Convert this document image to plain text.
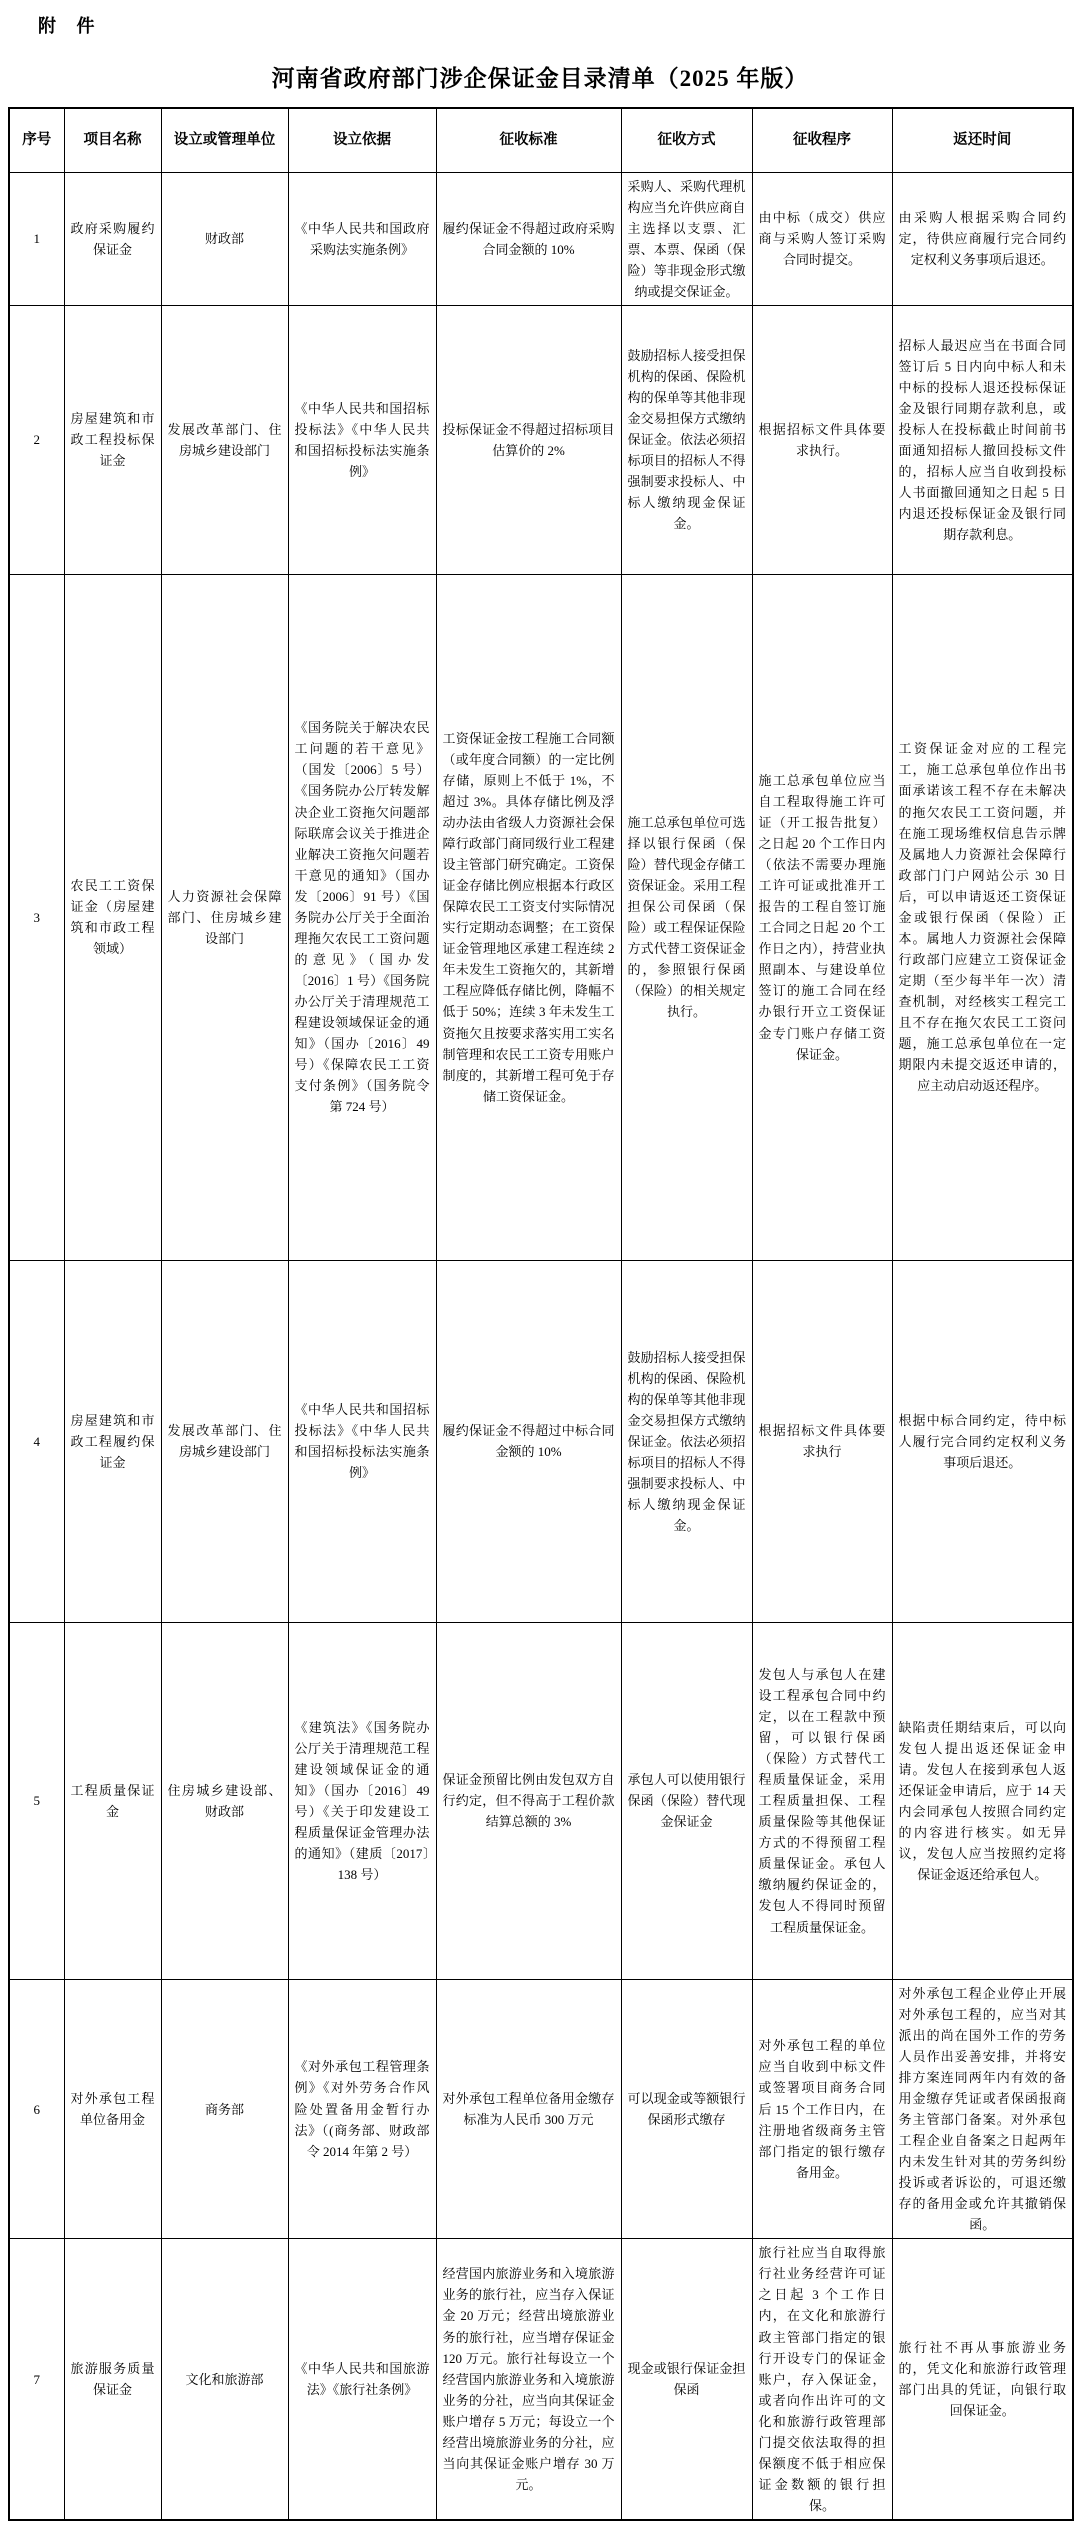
附 件
河南省政府部门涉企保证金目录清单（2025 年版）
序号	项目名称	设立或管理单位	设立依据	征收标准	征收方式	征收程序	返还时间
1	政府采购履约保证金	财政部	《中华人民共和国政府采购法实施条例》	履约保证金不得超过政府采购合同金额的 10%	采购人、采购代理机构应当允许供应商自主选择以支票、汇票、本票、保函（保险）等非现金形式缴纳或提交保证金。	由中标（成交）供应商与采购人签订采购合同时提交。	由采购人根据采购合同约定，待供应商履行完合同约定权利义务事项后退还。
2	房屋建筑和市政工程投标保证金	发展改革部门、住房城乡建设部门	《中华人民共和国招标投标法》《中华人民共和国招标投标法实施条例》	投标保证金不得超过招标项目估算价的 2%	鼓励招标人接受担保机构的保函、保险机构的保单等其他非现金交易担保方式缴纳保证金。依法必须招标项目的招标人不得强制要求投标人、中标人缴纳现金保证金。	根据招标文件具体要求执行。	招标人最迟应当在书面合同签订后 5 日内向中标人和未中标的投标人退还投标保证金及银行同期存款利息，或投标人在投标截止时间前书面通知招标人撤回投标文件的，招标人应当自收到投标人书面撤回通知之日起 5 日内退还投标保证金及银行同期存款利息。
3	农民工工资保证金（房屋建筑和市政工程领域）	人力资源社会保障部门、住房城乡建设部门	《国务院关于解决农民工问题的若干意见》（国发〔2006〕5 号）《国务院办公厅转发解决企业工资拖欠问题部际联席会议关于推进企业解决工资拖欠问题若干意见的通知》（国办发〔2006〕91 号）《国务院办公厅关于全面治理拖欠农民工工资问题的意见》（国办发〔2016〕1 号）《国务院办公厅关于清理规范工程建设领域保证金的通知》（国办〔2016〕49 号）《保障农民工工资支付条例》（国务院令第 724 号）	工资保证金按工程施工合同额（或年度合同额）的一定比例存储，原则上不低于 1%，不超过 3%。具体存储比例及浮动办法由省级人力资源社会保障行政部门商同级行业工程建设主管部门研究确定。工资保证金存储比例应根据本行政区保障农民工工资支付实际情况实行定期动态调整；在工资保证金管理地区承建工程连续 2 年未发生工资拖欠的，其新增工程应降低存储比例，降幅不低于 50%；连续 3 年未发生工资拖欠且按要求落实用工实名制管理和农民工工资专用账户制度的，其新增工程可免于存储工资保证金。	施工总承包单位可选择以银行保函（保险）替代现金存储工资保证金。采用工程担保公司保函（保险）或工程保证保险方式代替工资保证金的，参照银行保函（保险）的相关规定执行。	施工总承包单位应当自工程取得施工许可证（开工报告批复）之日起 20 个工作日内（依法不需要办理施工许可证或批准开工报告的工程自签订施工合同之日起 20 个工作日之内），持营业执照副本、与建设单位签订的施工合同在经办银行开立工资保证金专门账户存储工资保证金。	工资保证金对应的工程完工，施工总承包单位作出书面承诺该工程不存在未解决的拖欠农民工工资问题，并在施工现场维权信息告示牌及属地人力资源社会保障行政部门门户网站公示 30 日后，可以申请返还工资保证金或银行保函（保险）正本。属地人力资源社会保障行政部门应建立工资保证金定期（至少每半年一次）清查机制，对经核实工程完工且不存在拖欠农民工工资问题，施工总承包单位在一定期限内未提交返还申请的，应主动启动返还程序。
4	房屋建筑和市政工程履约保证金	发展改革部门、住房城乡建设部门	《中华人民共和国招标投标法》《中华人民共和国招标投标法实施条例》	履约保证金不得超过中标合同金额的 10%	鼓励招标人接受担保机构的保函、保险机构的保单等其他非现金交易担保方式缴纳保证金。依法必须招标项目的招标人不得强制要求投标人、中标人缴纳现金保证金。	根据招标文件具体要求执行	根据中标合同约定，待中标人履行完合同约定权利义务事项后退还。
5	工程质量保证金	住房城乡建设部、财政部	《建筑法》《国务院办公厅关于清理规范工程建设领域保证金的通知》（国办〔2016〕49 号）《关于印发建设工程质量保证金管理办法的通知》（建质〔2017〕138 号）	保证金预留比例由发包双方自行约定，但不得高于工程价款结算总额的 3%	承包人可以使用银行保函（保险）替代现金保证金	发包人与承包人在建设工程承包合同中约定，以在工程款中预留，可以银行保函（保险）方式替代工程质量保证金，采用工程质量担保、工程质量保险等其他保证方式的不得预留工程质量保证金。承包人缴纳履约保证金的，发包人不得同时预留工程质量保证金。	缺陷责任期结束后，可以向发包人提出返还保证金申请。发包人在接到承包人返还保证金申请后，应于 14 天内会同承包人按照合同约定的内容进行核实。如无异议，发包人应当按照约定将保证金返还给承包人。
6	对外承包工程单位备用金	商务部	《对外承包工程管理条例》《对外劳务合作风险处置备用金暂行办法》（(商务部、财政部令 2014 年第 2 号）	对外承包工程单位备用金缴存标准为人民币 300 万元	可以现金或等额银行保函形式缴存	对外承包工程的单位应当自收到中标文件或签署项目商务合同后 15 个工作日内，在注册地省级商务主管部门指定的银行缴存备用金。	对外承包工程企业停止开展对外承包工程的，应当对其派出的尚在国外工作的劳务人员作出妥善安排，并将安排方案连同两年内有效的备用金缴存凭证或者保函报商务主管部门备案。对外承包工程企业自备案之日起两年内未发生针对其的劳务纠纷投诉或者诉讼的，可退还缴存的备用金或允许其撤销保函。
7	旅游服务质量保证金	文化和旅游部	《中华人民共和国旅游法》《旅行社条例》	经营国内旅游业务和入境旅游业务的旅行社，应当存入保证金 20 万元；经营出境旅游业务的旅行社，应当增存保证金 120 万元。旅行社每设立一个经营国内旅游业务和入境旅游业务的分社，应当向其保证金账户增存 5 万元；每设立一个经营出境旅游业务的分社，应当向其保证金账户增存 30 万元。	现金或银行保证金担保函	旅行社应当自取得旅行社业务经营许可证之日起 3 个工作日内，在文化和旅游行政主管部门指定的银行开设专门的保证金账户，存入保证金，或者向作出许可的文化和旅游行政管理部门提交依法取得的担保额度不低于相应保证金数额的银行担保。	旅行社不再从事旅游业务的，凭文化和旅游行政管理部门出具的凭证，向银行取回保证金。
